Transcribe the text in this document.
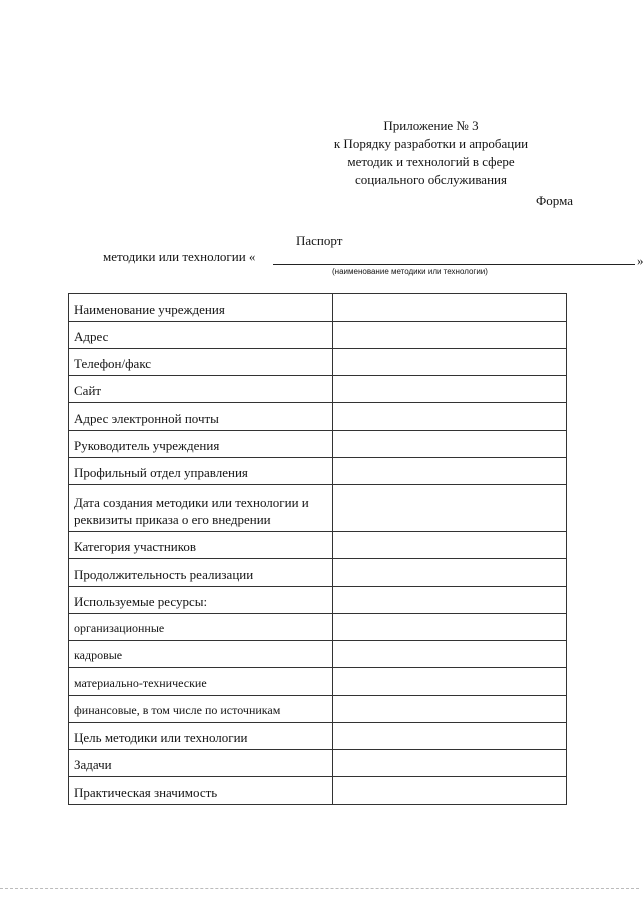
Приложение № 3
к Порядку разработки и апробации
методик и технологий в сфере
социального обслуживания
Форма
Паспорт
методики или технологии «	»
(наименование методики или технологии)
Наименование учреждения	
Адрес	
Телефон/факс	
Сайт	
Адрес электронной почты	
Руководитель учреждения	
Профильный отдел управления	
Дата создания методики или технологии и реквизиты приказа о его внедрении	
Категория участников	
Продолжительность реализации	
Используемые ресурсы:	
организационные	
кадровые	
материально-технические	
финансовые, в том числе по источникам	
Цель методики или технологии	
Задачи	
Практическая значимость	
